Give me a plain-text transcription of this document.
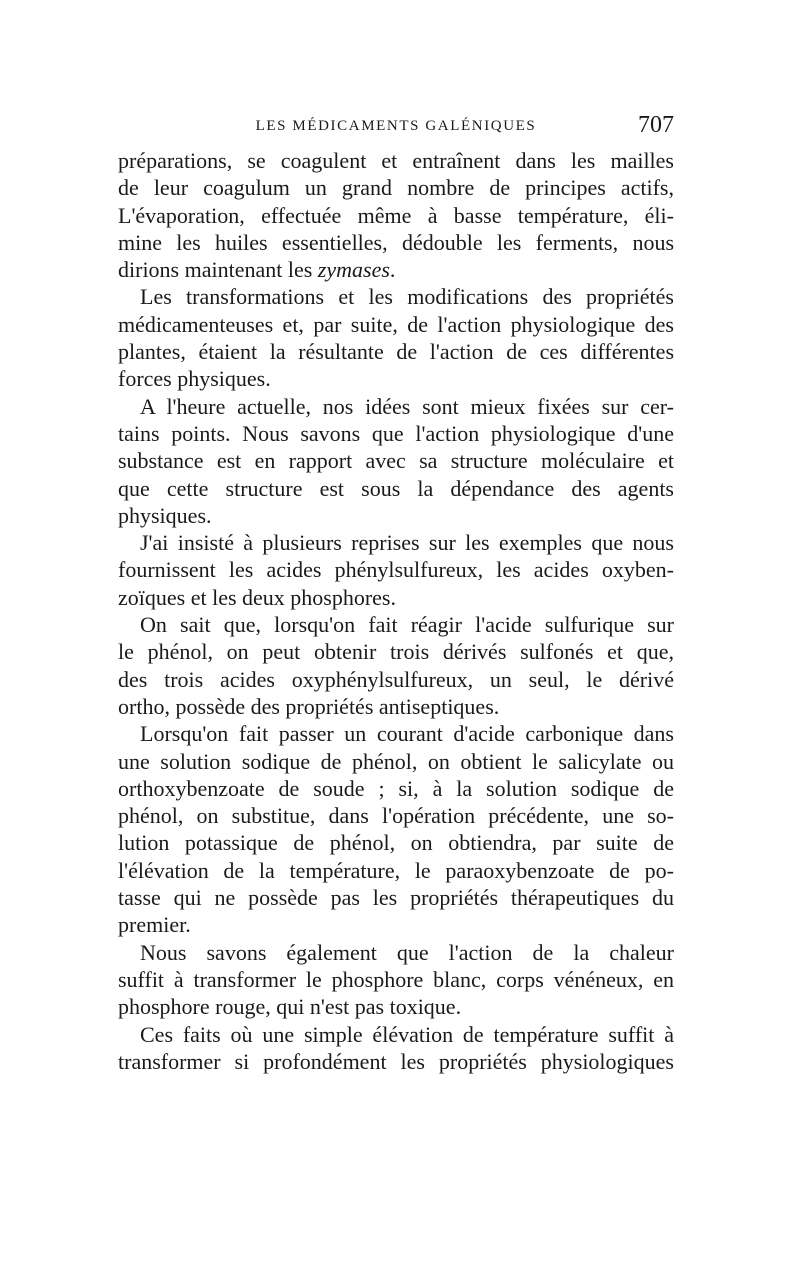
LES MÉDICAMENTS GALÉNIQUES	707
préparations, se coagulent et entraînent dans les mailles
de leur coagulum un grand nombre de principes actifs,
L'évaporation, effectuée même à basse température, éli-
mine les huiles essentielles, dédouble les ferments, nous
dirions maintenant les zymases.
Les transformations et les modifications des propriétés
médicamenteuses et, par suite, de l'action physiologique des
plantes, étaient la résultante de l'action de ces différentes
forces physiques.
A l'heure actuelle, nos idées sont mieux fixées sur cer-
tains points. Nous savons que l'action physiologique d'une
substance est en rapport avec sa structure moléculaire et
que cette structure est sous la dépendance des agents
physiques.
J'ai insisté à plusieurs reprises sur les exemples que nous
fournissent les acides phénylsulfureux, les acides oxyben-
zoïques et les deux phosphores.
On sait que, lorsqu'on fait réagir l'acide sulfurique sur
le phénol, on peut obtenir trois dérivés sulfonés et que,
des trois acides oxyphénylsulfureux, un seul, le dérivé
ortho, possède des propriétés antiseptiques.
Lorsqu'on fait passer un courant d'acide carbonique dans
une solution sodique de phénol, on obtient le salicylate ou
orthoxybenzoate de soude ; si, à la solution sodique de
phénol, on substitue, dans l'opération précédente, une so-
lution potassique de phénol, on obtiendra, par suite de
l'élévation de la température, le paraoxybenzoate de po-
tasse qui ne possède pas les propriétés thérapeutiques du
premier.
Nous savons également que l'action de la chaleur
suffit à transformer le phosphore blanc, corps vénéneux, en
phosphore rouge, qui n'est pas toxique.
Ces faits où une simple élévation de température suffit à
transformer si profondément les propriétés physiologiques
